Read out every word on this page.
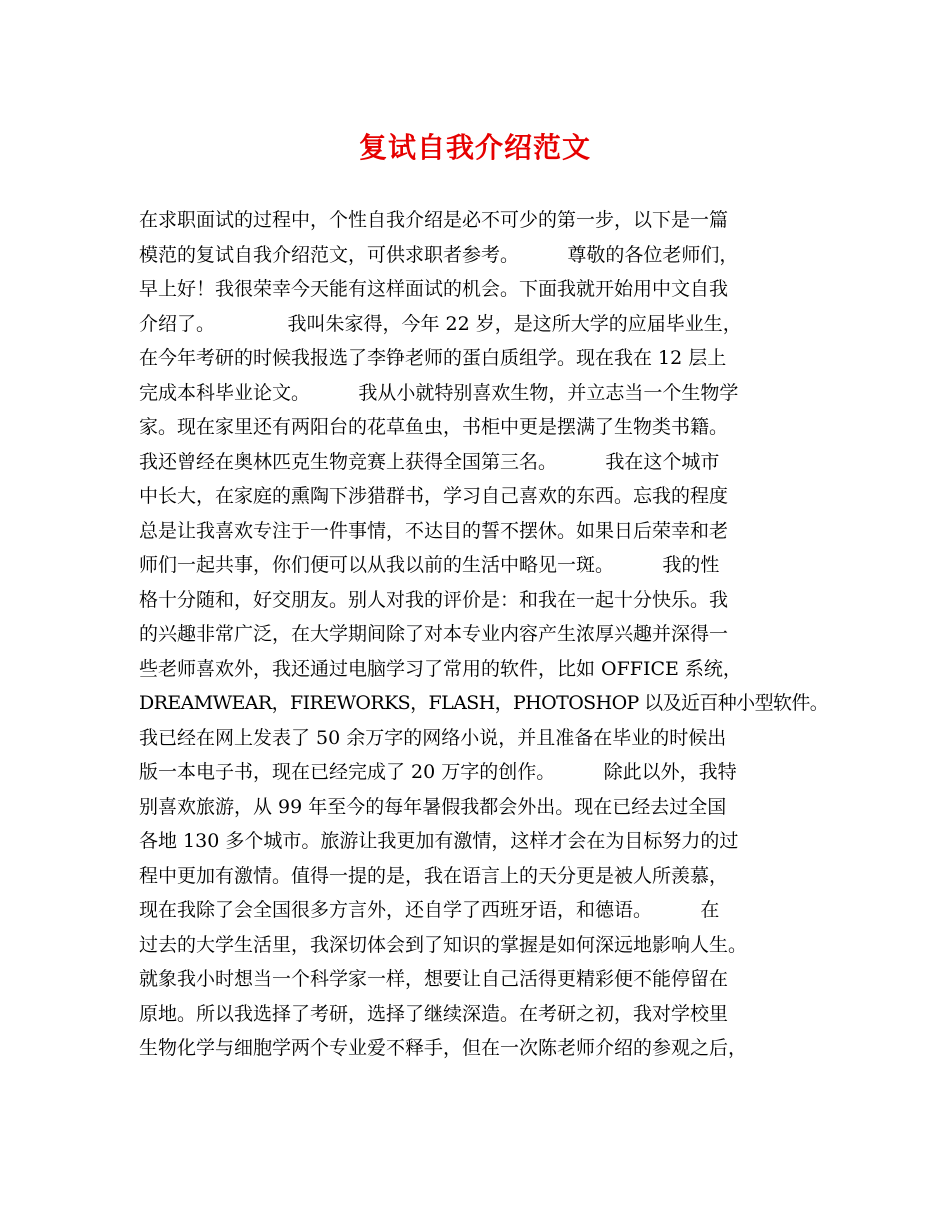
复试自我介绍范文
在求职面试的过程中，个性自我介绍是必不可少的第一步，以下是一篇
模范的复试自我介绍范文，可供求职者参考。        尊敬的各位老师们，
早上好！我很荣幸今天能有这样面试的机会。下面我就开始用中文自我
介绍了。            我叫朱家得，今年 22 岁，是这所大学的应届毕业生，
在今年考研的时候我报选了李铮老师的蛋白质组学。现在我在 12 层上
完成本科毕业论文。        我从小就特别喜欢生物，并立志当一个生物学
家。现在家里还有两阳台的花草鱼虫，书柜中更是摆满了生物类书籍。
我还曾经在奥林匹克生物竞赛上获得全国第三名。        我在这个城市
中长大，在家庭的熏陶下涉猎群书，学习自己喜欢的东西。忘我的程度
总是让我喜欢专注于一件事情，不达目的誓不摆休。如果日后荣幸和老
师们一起共事，你们便可以从我以前的生活中略见一斑。        我的性
格十分随和，好交朋友。别人对我的评价是：和我在一起十分快乐。我
的兴趣非常广泛，在大学期间除了对本专业内容产生浓厚兴趣并深得一
些老师喜欢外，我还通过电脑学习了常用的软件，比如 OFFICE 系统，
DREAMWEAR，FIREWORKS，FLASH，PHOTOSHOP 以及近百种小型软件。
我已经在网上发表了 50 余万字的网络小说，并且准备在毕业的时候出
版一本电子书，现在已经完成了 20 万字的创作。        除此以外，我特
别喜欢旅游，从 99 年至今的每年暑假我都会外出。现在已经去过全国
各地 130 多个城市。旅游让我更加有激情，这样才会在为目标努力的过
程中更加有激情。值得一提的是，我在语言上的天分更是被人所羡慕，
现在我除了会全国很多方言外，还自学了西班牙语，和德语。        在
过去的大学生活里，我深切体会到了知识的掌握是如何深远地影响人生。
就象我小时想当一个科学家一样，想要让自己活得更精彩便不能停留在
原地。所以我选择了考研，选择了继续深造。在考研之初，我对学校里
生物化学与细胞学两个专业爱不释手，但在一次陈老师介绍的参观之后，
